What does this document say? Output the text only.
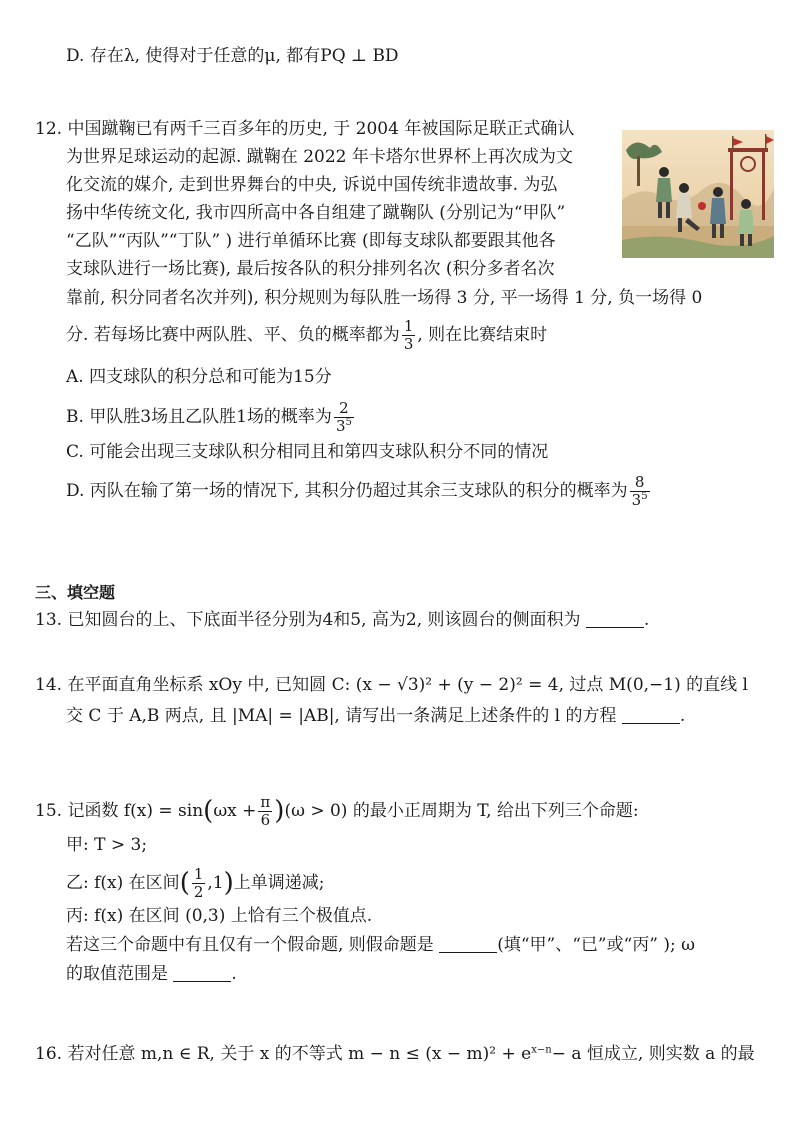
D. 存在λ, 使得对于任意的μ, 都有PQ ⊥ BD
12. 中国蹴鞠已有两千三百多年的历史, 于 2004 年被国际足联正式确认
为世界足球运动的起源. 蹴鞠在 2022 年卡塔尔世界杯上再次成为文
化交流的媒介, 走到世界舞台的中央, 诉说中国传统非遗故事. 为弘
扬中华传统文化, 我市四所高中各自组建了蹴鞠队 (分别记为“甲队”
“乙队”“丙队”“丁队” ) 进行单循环比赛 (即每支球队都要跟其他各
支球队进行一场比赛), 最后按各队的积分排列名次 (积分多者名次
靠前, 积分同者名次并列), 积分规则为每队胜一场得 3 分, 平一场得 1 分, 负一场得 0
分. 若每场比赛中两队胜、平、负的概率都为 $\frac{1}{3}$ , 则在比赛结束时
A. 四支球队的积分总和可能为15分
B. 甲队胜3场且乙队胜1场的概率为 $\frac{2}{3^5}$
C. 可能会出现三支球队积分相同且和第四支球队积分不同的情况
D. 丙队在输了第一场的情况下, 其积分仍超过其余三支球队的积分的概率为 $\frac{8}{3^5}$
三、填空题
13. 已知圆台的上、下底面半径分别为4和5, 高为2, 则该圆台的侧面积为	.
14. 在平面直角坐标系 xOy 中, 已知圆 C: (x − √3)² + (y − 2)² = 4, 过点 M(0,−1) 的直线 l
交 C 于 A,B 两点, 且 |MA| = |AB|, 请写出一条满足上述条件的 l 的方程	.
15. 记函数 $f(x) = \sin(\omega x + \frac{\pi}{6} )(\omega > 0)$ 的最小正周期为 T, 给出下列三个命题:
甲: T > 3;
乙: f(x) 在区间( $\frac{1}{2} ,1$)上单调递减;
丙: f(x) 在区间 (0,3) 上恰有三个极值点.
若这三个命题中有且仅有一个假命题, 则假命题是	(填“甲”、“已”或“丙” ); ω
的取值范围是	.
16. 若对任意 m,n ∈ R, 关于 x 的不等式 $m - n \le (x - m)^2 + e^{x-n}- a$ 恒成立, 则实数 a 的最
